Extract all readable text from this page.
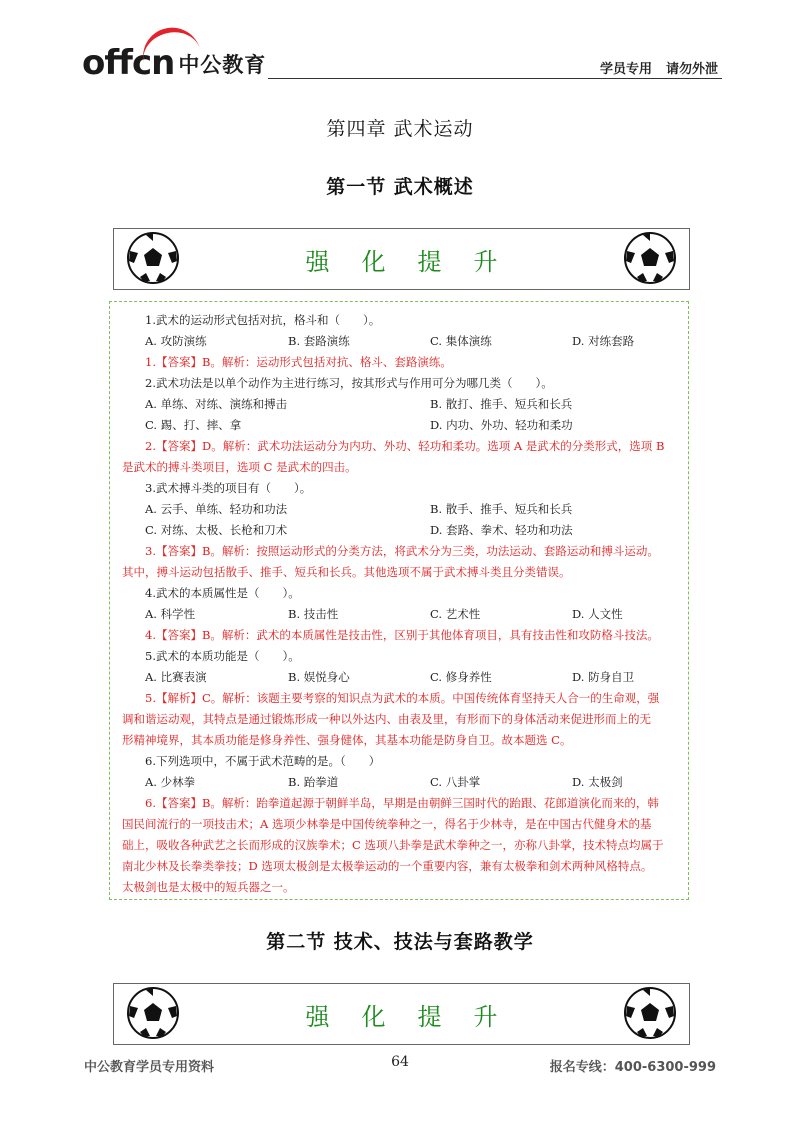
offcn 中公教育	学员专用 请勿外泄
第四章 武术运动
第一节 武术概述
强化提升
1.武术的运动形式包括对抗，格斗和（　　）。
A. 攻防演练	B. 套路演练	C. 集体演练	D. 对练套路
1.【答案】B。解析：运动形式包括对抗、格斗、套路演练。
2.武术功法是以单个动作为主进行练习，按其形式与作用可分为哪几类（　　）。
A. 单练、对练、演练和搏击	B. 散打、推手、短兵和长兵
C. 踢、打、摔、拿	D. 内功、外功、轻功和柔功
2.【答案】D。解析：武术功法运动分为内功、外功、轻功和柔功。选项 A 是武术的分类形式，选项 B
是武术的搏斗类项目，选项 C 是武术的四击。
3.武术搏斗类的项目有（　　）。
A. 云手、单练、轻功和功法	B. 散手、推手、短兵和长兵
C. 对练、太极、长枪和刀术	D. 套路、拳术、轻功和功法
3.【答案】B。解析：按照运动形式的分类方法，将武术分为三类，功法运动、套路运动和搏斗运动。
其中，搏斗运动包括散手、推手、短兵和长兵。其他选项不属于武术搏斗类且分类错误。
4.武术的本质属性是（　　）。
A. 科学性	B. 技击性	C. 艺术性	D. 人文性
4.【答案】B。解析：武术的本质属性是技击性，区别于其他体育项目，具有技击性和攻防格斗技法。
5.武术的本质功能是（　　）。
A. 比赛表演	B. 娱悦身心	C. 修身养性	D. 防身自卫
5.【解析】C。解析：该题主要考察的知识点为武术的本质。中国传统体育坚持天人合一的生命观，强
调和谐运动观，其特点是通过锻炼形成一种以外达内、由表及里，有形而下的身体活动来促进形而上的无
形精神境界，其本质功能是修身养性、强身健体，其基本功能是防身自卫。故本题选 C。
6.下列选项中，不属于武术范畴的是。（　　）
A. 少林拳	B. 跆拳道	C. 八卦掌	D. 太极剑
6.【答案】B。解析：跆拳道起源于朝鲜半岛，早期是由朝鲜三国时代的跆跟、花郎道演化而来的，韩
国民间流行的一项技击术；A 选项少林拳是中国传统拳种之一，得名于少林寺，是在中国古代健身术的基
础上，吸收各种武艺之长而形成的汉族拳术；C 选项八卦拳是武术拳种之一，亦称八卦掌，技术特点均属于
南北少林及长拳类拳技；D 选项太极剑是太极拳运动的一个重要内容，兼有太极拳和剑术两种风格特点。
太极剑也是太极中的短兵器之一。
第二节 技术、技法与套路教学
强化提升
中公教育学员专用资料	64	报名专线：400-6300-999
